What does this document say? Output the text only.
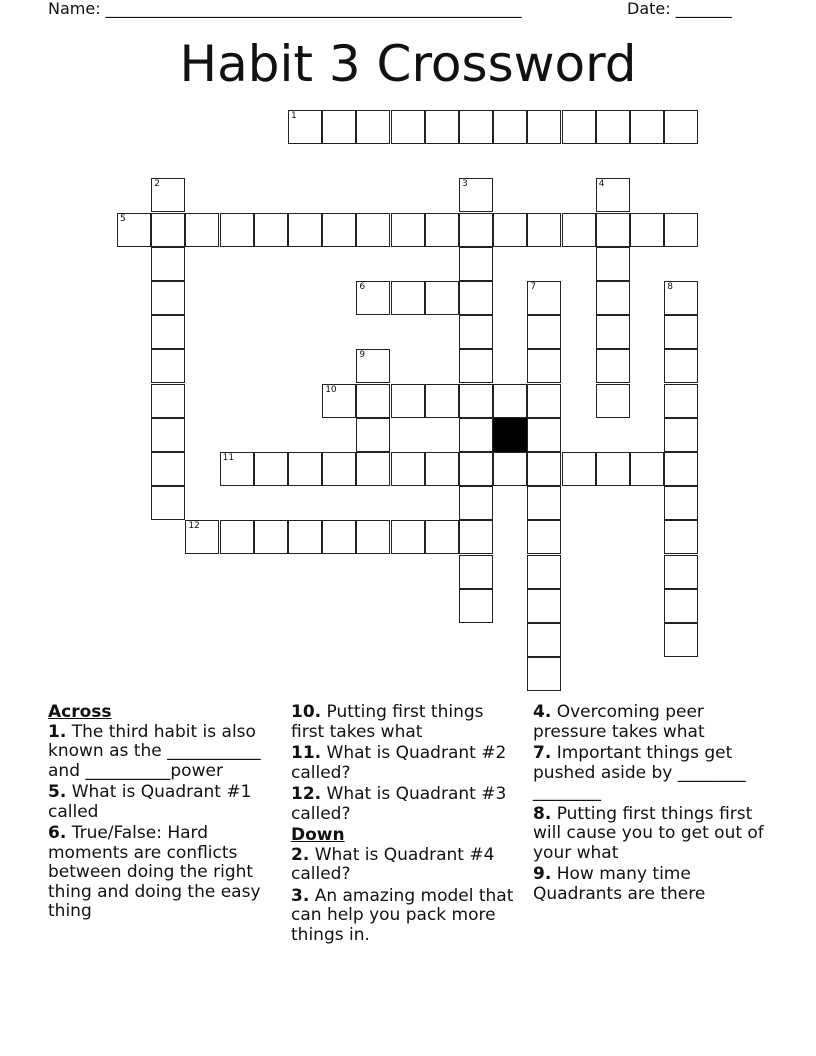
Name: ____________________________________________________	Date: _______
Habit 3 Crossword
1
2	3	4
5
6	7	8
9
10
11
12
Across
1. The third habit is also known as the ___________ and __________power
5. What is Quadrant #1 called
6. True/False: Hard moments are conflicts between doing the right thing and doing the easy thing
10. Putting first things first takes what
11. What is Quadrant #2 called?
12. What is Quadrant #3 called?
Down
2. What is Quadrant #4 called?
3. An amazing model that can help you pack more things in.
4. Overcoming peer pressure takes what
7. Important things get pushed aside by ________ ________
8. Putting first things first will cause you to get out of your what
9. How many time Quadrants are there
